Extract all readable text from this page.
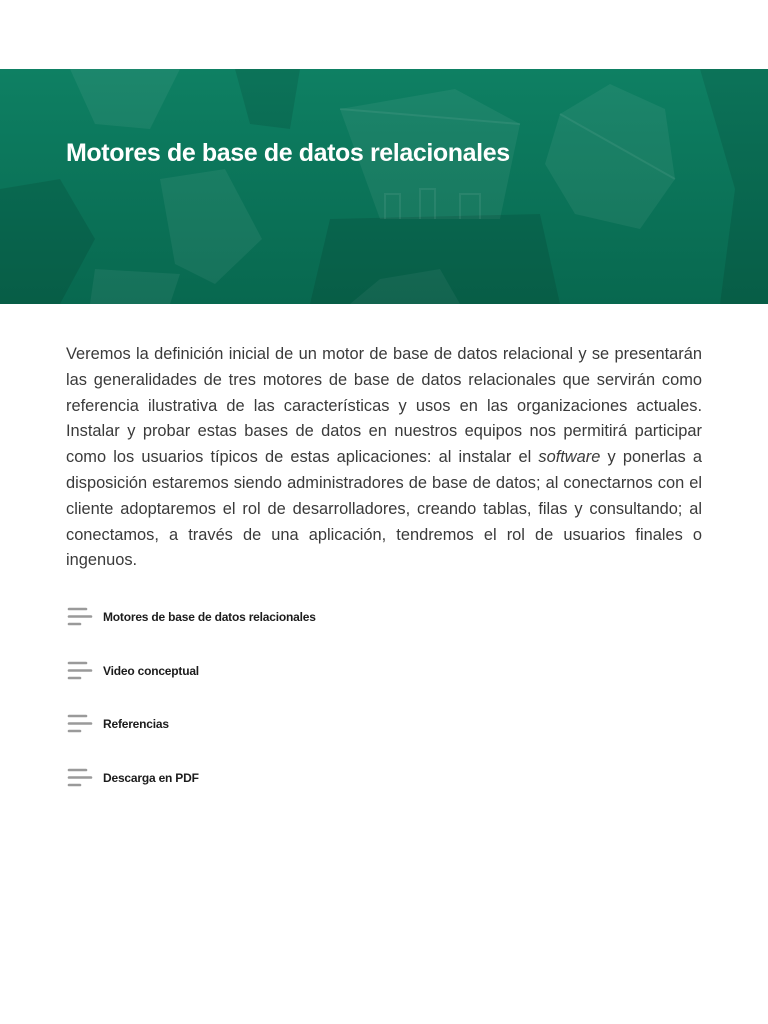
Motores de base de datos relacionales

Veremos la definición inicial de un motor de base de datos relacional y se presentarán las generalidades de tres motores de base de datos relacionales que servirán como referencia ilustrativa de las características y usos en las organizaciones actuales. Instalar y probar estas bases de datos en nuestros equipos nos permitirá participar como los usuarios típicos de estas aplicaciones: al instalar el software y ponerlas a disposición estaremos siendo administradores de base de datos; al conectarnos con el cliente adoptaremos el rol de desarrolladores, creando tablas, filas y consultando; al conectamos, a través de una aplicación, tendremos el rol de usuarios finales o ingenuos.

Motores de base de datos relacionales
Video conceptual
Referencias
Descarga en PDF
